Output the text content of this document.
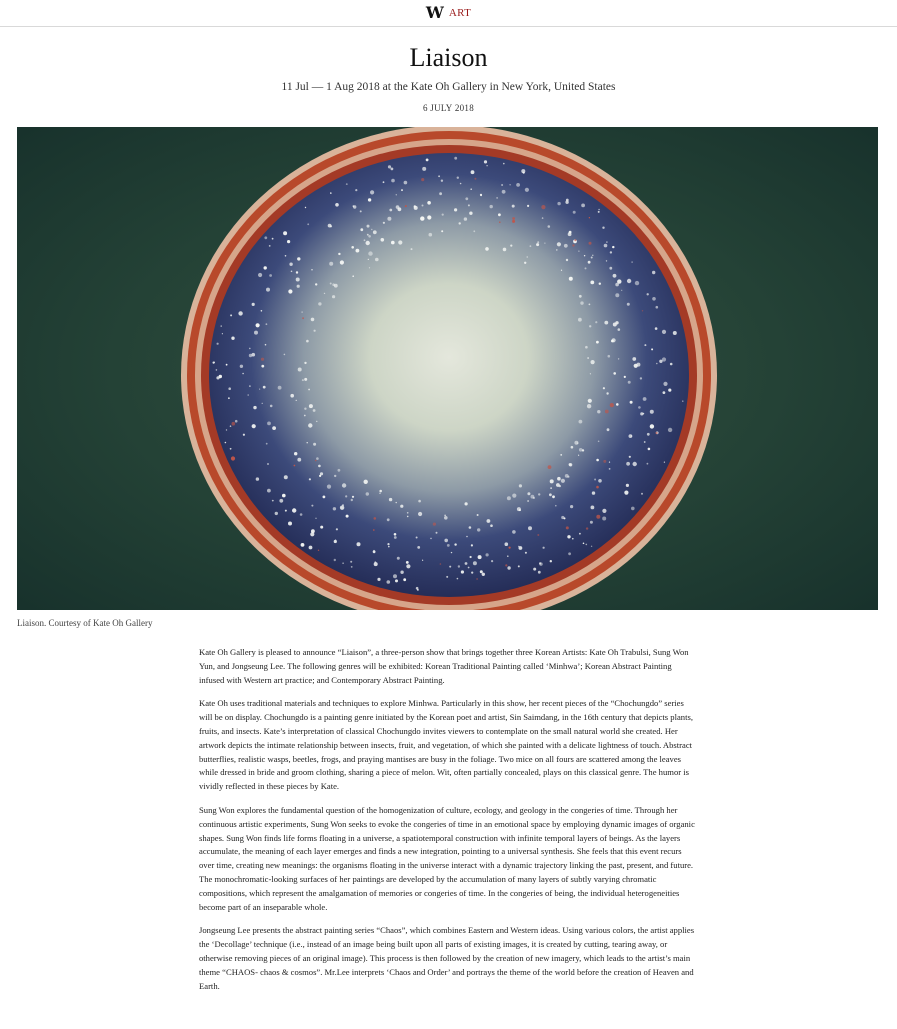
W ART
Liaison
11 Jul — 1 Aug 2018 at the Kate Oh Gallery in New York, United States
6 JULY 2018
Liaison. Courtesy of Kate Oh Gallery

Kate Oh Gallery is pleased to announce “Liaison”, a three-person show that brings together three Korean Artists: Kate Oh Trabulsi, Sung Won Yun, and Jongseung Lee. The following genres will be exhibited: Korean Traditional Painting called ‘Minhwa’; Korean Abstract Painting infused with Western art practice; and Contemporary Abstract Painting.

Kate Oh uses traditional materials and techniques to explore Minhwa. Particularly in this show, her recent pieces of the “Chochungdo” series will be on display. Chochungdo is a painting genre initiated by the Korean poet and artist, Sin Saimdang, in the 16th century that depicts plants, fruits, and insects. Kate’s interpretation of classical Chochungdo invites viewers to contemplate on the small natural world she created. Her artwork depicts the intimate relationship between insects, fruit, and vegetation, of which she painted with a delicate lightness of touch. Abstract butterflies, realistic wasps, beetles, frogs, and praying mantises are busy in the foliage. Two mice on all fours are scattered among the leaves while dressed in bride and groom clothing, sharing a piece of melon. Wit, often partially concealed, plays on this classical genre. The humor is vividly reflected in these pieces by Kate.

Sung Won explores the fundamental question of the homogenization of culture, ecology, and geology in the congeries of time. Through her continuous artistic experiments, Sung Won seeks to evoke the congeries of time in an emotional space by employing dynamic images of organic shapes. Sung Won finds life forms floating in a universe, a spatiotemporal construction with infinite temporal layers of beings. As the layers accumulate, the meaning of each layer emerges and finds a new integration, pointing to a universal synthesis. She feels that this event recurs over time, creating new meanings: the organisms floating in the universe interact with a dynamic trajectory linking the past, present, and future. The monochromatic-looking surfaces of her paintings are developed by the accumulation of many layers of subtly varying chromatic compositions, which represent the amalgamation of memories or congeries of time. In the congeries of being, the individual heterogeneities become part of an inseparable whole.

Jongseung Lee presents the abstract painting series “Chaos”, which combines Eastern and Western ideas. Using various colors, the artist applies the ‘Decollage’ technique (i.e., instead of an image being built upon all parts of existing images, it is created by cutting, tearing away, or otherwise removing pieces of an original image). This process is then followed by the creation of new imagery, which leads to the artist’s main theme “CHAOS- chaos & cosmos”. Mr.Lee interprets ‘Chaos and Order’ and portrays the theme of the world before the creation of Heaven and Earth.
